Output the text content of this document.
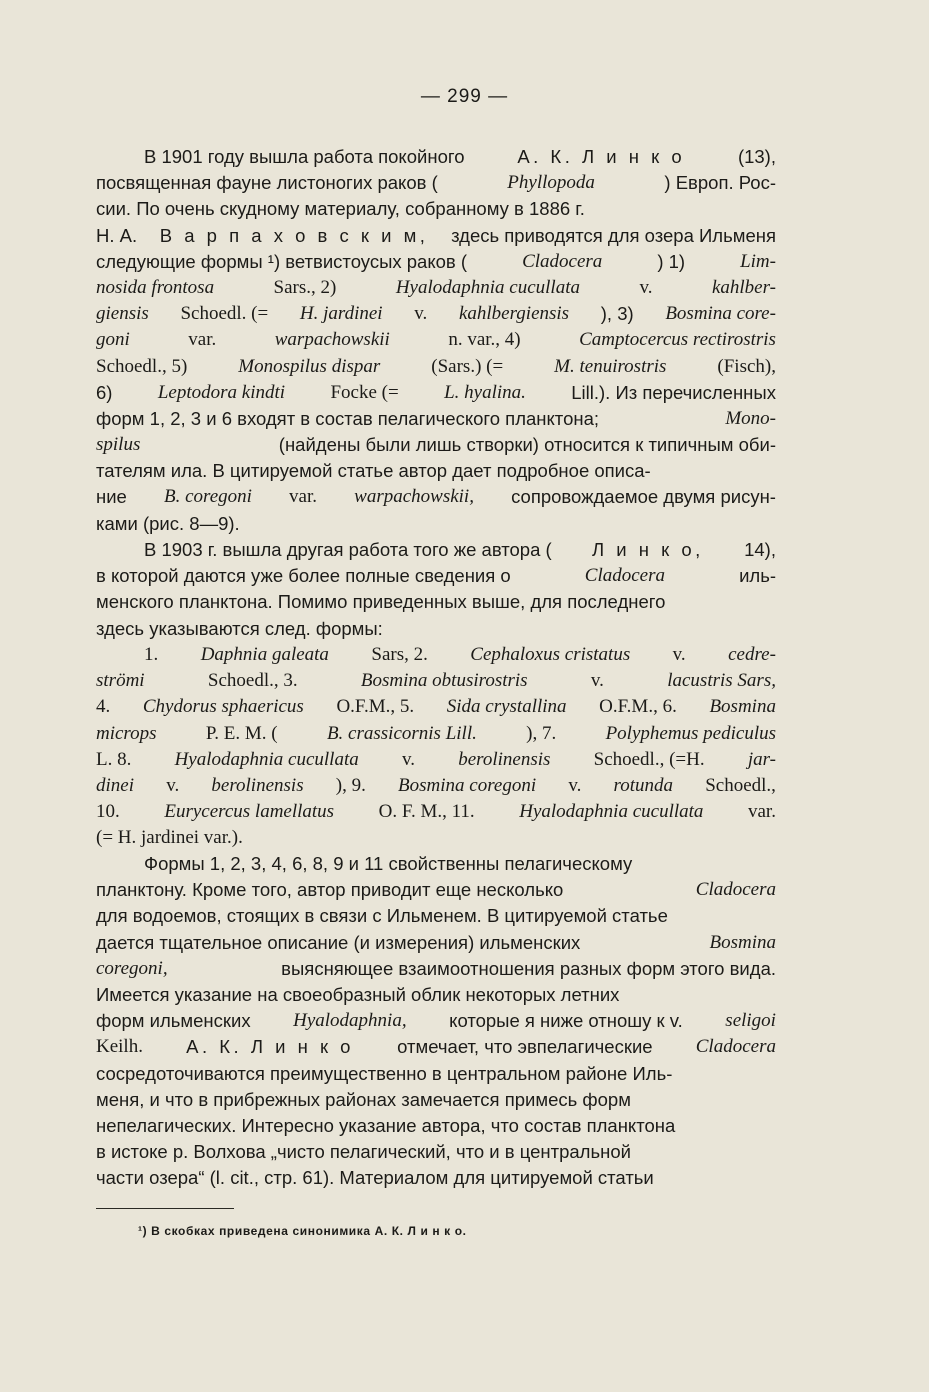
— 299 —
В 1901 году вышла работа покойного	А. К. Л и н к о	(13),
посвященная фауне листоногих раков (	Phyllopoda	) Европ. Рос-
сии. По очень скудному материалу, собранному в 1886 г.
Н. А. В а р п а х о в с к и м, здесь приводятся для озера Ильменя
следующие формы ¹) ветвистоусых раков (	Cladocera	) 1)	Lim-
nosida frontosa	Sars., 2)	Hyalodaphnia cucullata	v.	kahlber-
giensis Schoedl. (= H. jardinei v. kahlbergiensis ), 3) Bosmina core-
goni	var.	warpachowskii	n. var., 4)	Camptocercus rectirostris
Schoedl., 5)	Monospilus dispar	(Sars.) (=	M. tenuirostris	(Fisch),
6) Leptodora kindti Focke (= L. hyalina. Lill.). Из перечисленных
форм 1, 2, 3 и 6 входят в состав пелагического планктона;	Mono-
spilus	(найдены были лишь створки) относится к типичным оби-
тателям ила. В цитируемой статье автор дает подробное описа-
ние B. coregoni var. warpachowskii, сопровождаемое двумя рисун-
ками (рис. 8—9).
В 1903 г. вышла другая работа того же автора ( Л и н к о, 14),
в которой даются уже более полные сведения о	Cladocera	иль-
менского планктона. Помимо приведенных выше, для последнего
здесь указываются след. формы:
1. Daphnia galeata Sars, 2. Cephaloxus cristatus v. cedre-
strömi	Schoedl., 3.	Bosmina obtusirostris	v.	lacustris Sars,
4. Chydorus sphaericus O.F.M., 5. Sida crystallina O.F.M., 6. Bosmina
microps	P. E. M. (	B. crassicornis Lill.	), 7.	Polyphemus pediculus
L. 8. Hyalodaphnia cucullata v. berolinensis Schoedl., (=H. jar-
dinei v. berolinensis ), 9. Bosmina coregoni v. rotunda Schoedl.,
10. Eurycercus lamellatus O. F. M., 11. Hyalodaphnia cucullata var.
(= H. jardinei var.).
Формы 1, 2, 3, 4, 6, 8, 9 и 11 свойственны пелагическому
планктону. Кроме того, автор приводит еще несколько	Cladocera
для водоемов, стоящих в связи с Ильменем. В цитируемой статье
дается тщательное описание (и измерения) ильменских	Bosmina
coregoni,	выясняющее взаимоотношения разных форм этого вида.
Имеется указание на своеобразный облик некоторых летних
форм ильменских Hyalodaphnia, которые я ниже отношу к v. seligoi
Keilh. А. К. Л и н к о отмечает, что эвпелагические Cladocera
сосредоточиваются преимущественно в центральном районе Иль-
меня, и что в прибрежных районах замечается примесь форм
непелагических. Интересно указание автора, что состав планктона
в истоке р. Волхова „чисто пелагический, что и в центральной
части озера“ (l. cit., стр. 61). Материалом для цитируемой статьи
¹) В скобках приведена синонимика А. К. Л и н к о.
